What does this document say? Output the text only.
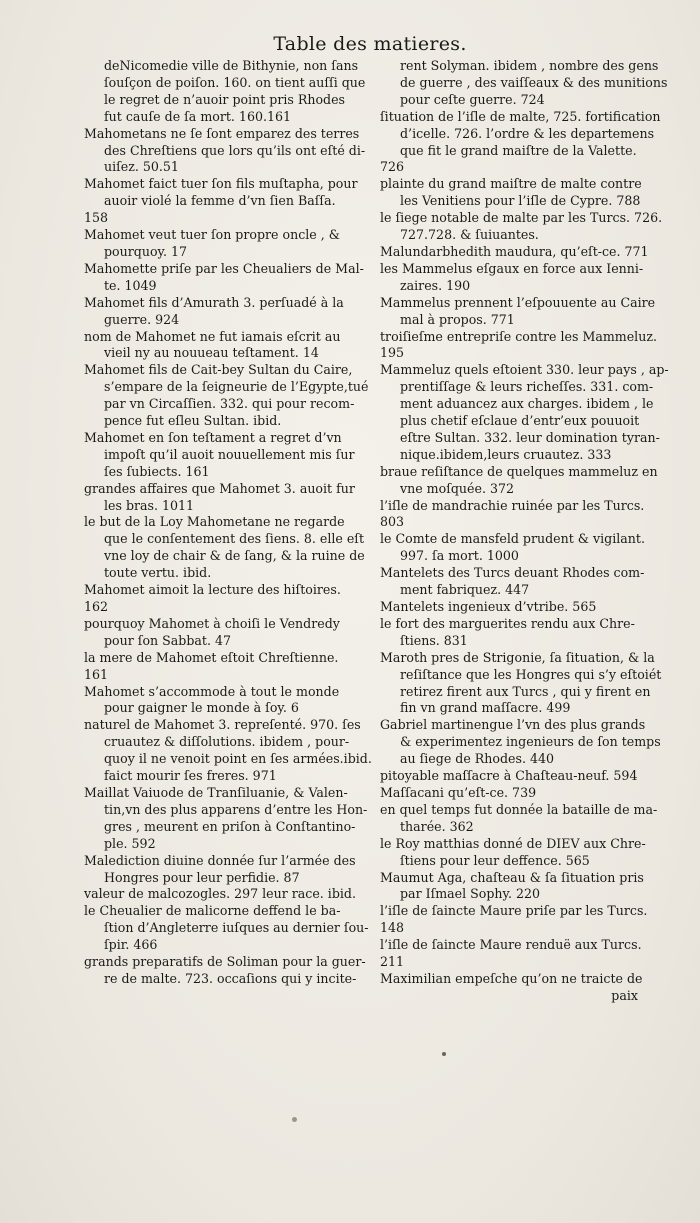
Table des matieres.
deNicomedie ville de Bithynie, non ſans
ſouſçon de poiſon. 160. on tient auſſi que
le regret de n’auoir point pris Rhodes
fut cauſe de ſa mort. 160.161
Mahometans ne ſe ſont emparez des terres
des Chreſtiens que lors qu’ils ont eſté di-
uiſez. 50.51
Mahomet faict tuer ſon fils muſtapha, pour
auoir violé la femme d’vn ſien Baſſa.
158
Mahomet veut tuer ſon propre oncle , &
pourquoy. 17
Mahomette priſe par les Cheualiers de Mal-
te. 1049
Mahomet fils d’Amurath 3. perſuadé à la
guerre. 924
nom de Mahomet ne fut iamais eſcrit au
vieil ny au nouueau teſtament. 14
Mahomet fils de Cait-bey Sultan du Caire,
s’empare de la ſeigneurie de l’Egypte,tué
par vn Circaſſien. 332. qui pour recom-
pence fut eſleu Sultan. ibid.
Mahomet en ſon teſtament a regret d’vn
impoſt qu’il auoit nouuellement mis ſur
ſes ſubiects. 161
grandes affaires que Mahomet 3. auoit fur
les bras. 1011
le but de la Loy Mahometane ne regarde
que le conſentement des ſiens. 8. elle eſt
vne loy de chair & de ſang, & la ruine de
toute vertu. ibid.
Mahomet aimoit la lecture des hiſtoires.
162
pourquoy Mahomet à choiſi le Vendredy
pour ſon Sabbat. 47
la mere de Mahomet eſtoit Chreſtienne.
161
Mahomet s’accommode à tout le monde
pour gaigner le monde à ſoy. 6
naturel de Mahomet 3. repreſenté. 970. ſes
cruautez & diſſolutions. ibidem , pour-
quoy il ne venoit point en ſes armées.ibid.
faict mourir ſes freres. 971
Maillat Vaiuode de Tranſiluanie, & Valen-
tin,vn des plus apparens d’entre les Hon-
gres , meurent en priſon à Conſtantino-
ple. 592
Malediction diuine donnée ſur l’armée des
Hongres pour leur perfidie. 87
valeur de malcozogles. 297 leur race. ibid.
le Cheualier de malicorne deffend le ba-
ſtion d’Angleterre iuſques au dernier ſou-
ſpir. 466
grands preparatifs de Soliman pour la guer-
re de malte. 723. occaſions qui y incite-
rent Solyman. ibidem , nombre des gens
de guerre , des vaiſſeaux & des munitions
pour ceſte guerre. 724
ſituation de l’iſle de malte, 725. fortification
d’icelle. 726. l’ordre & les departemens
que fit le grand maiſtre de la Valette.
726
plainte du grand maiſtre de malte contre
les Venitiens pour l’iſle de Cypre. 788
le ſiege notable de malte par les Turcs. 726.
727.728. & ſuiuantes.
Malundarbhedith maudura, qu’eſt-ce. 771
les Mammelus eſgaux en force aux Ienni-
zaires. 190
Mammelus prennent l’eſpouuente au Caire
mal à propos. 771
troiſieſme entrepriſe contre les Mammeluz.
195
Mammeluz quels eſtoient 330. leur pays , ap-
prentiſſage & leurs richeſſes. 331. com-
ment aduancez aux charges. ibidem , le
plus chetif eſclaue d’entr’eux pouuoit
eſtre Sultan. 332. leur domination tyran-
nique.ibidem,leurs cruautez. 333
braue reſiſtance de quelques mammeluz en
vne moſquée. 372
l’iſle de mandrachie ruinée par les Turcs.
803
le Comte de mansfeld prudent & vigilant.
997. ſa mort. 1000
Mantelets des Turcs deuant Rhodes com-
ment fabriquez. 447
Mantelets ingenieux d’vtribe. 565
le fort des marguerites rendu aux Chre-
ſtiens. 831
Maroth pres de Strigonie, ſa ſituation, & la
reſiſtance que les Hongres qui s’y eſtoiét
retirez firent aux Turcs , qui y firent en
fin vn grand maſſacre. 499
Gabriel martinengue l’vn des plus grands
& experimentez ingenieurs de ſon temps
au ſiege de Rhodes. 440
pitoyable maſſacre à Chaſteau-neuf. 594
Maſſacani qu’eſt-ce. 739
en quel temps fut donnée la bataille de ma-
tharée. 362
le Roy matthias donné de DIEV aux Chre-
ſtiens pour leur deffence. 565
Maumut Aga, chaſteau & ſa ſituation pris
par Iſmael Sophy. 220
l’iſle de ſaincte Maure priſe par les Turcs.
148
l’iſle de ſaincte Maure renduë aux Turcs.
211
Maximilian empeſche qu’on ne traicte de
paix
